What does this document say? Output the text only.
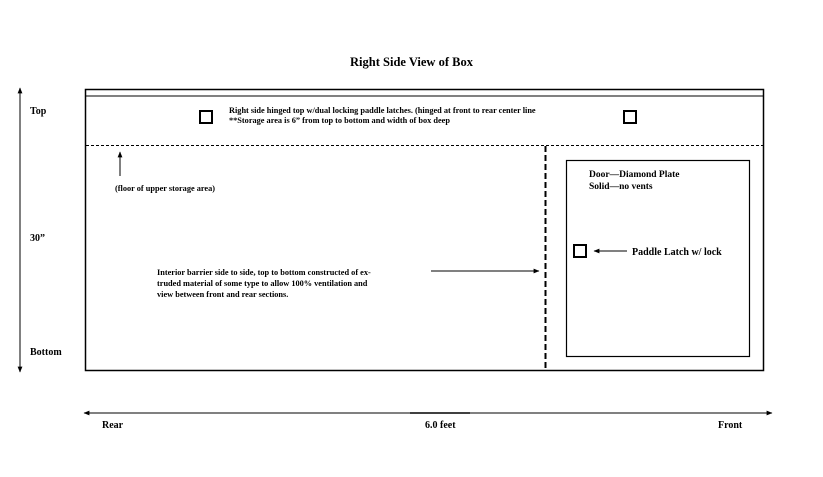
Right Side View of Box
Top
30”
Bottom
Right side hinged top w/dual locking paddle latches. (hinged at front to rear center line
**Storage area is 6” from top to bottom and width of box deep
(floor of upper storage area)
Interior barrier side to side, top to bottom constructed of ex-
truded material of some type to allow 100% ventilation and
view between front and rear sections.
Door—Diamond Plate
Solid—no vents
Paddle Latch w/ lock
Rear	6.0 feet	Front
